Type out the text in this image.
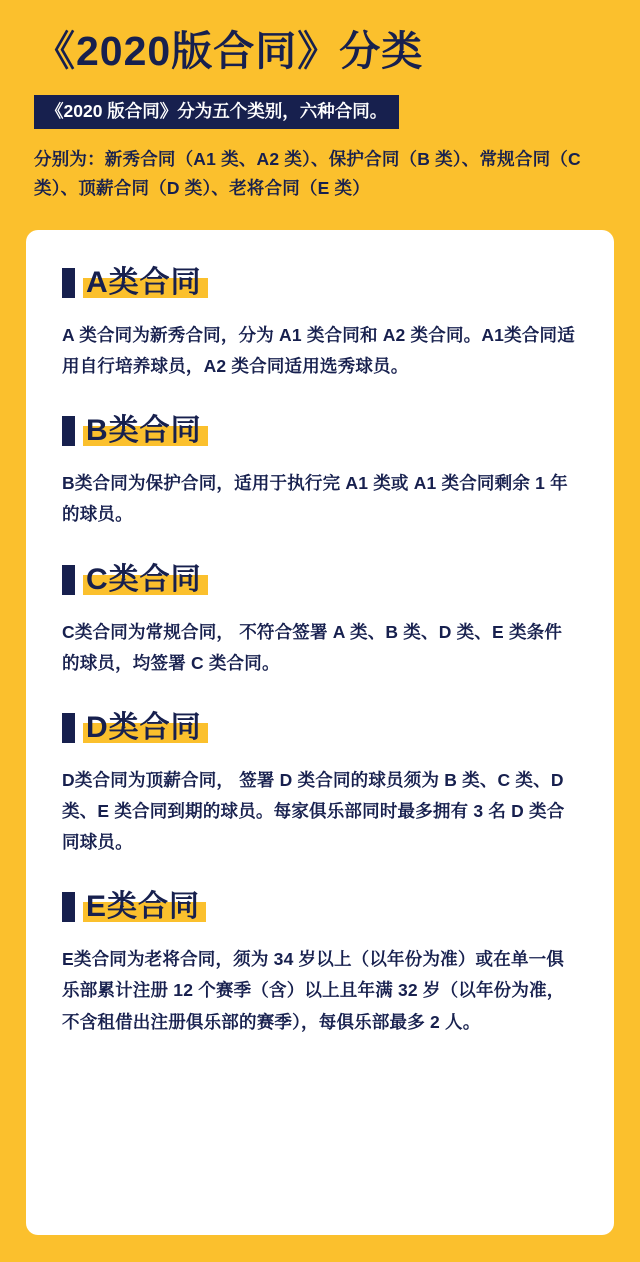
《2020版合同》分类
《2020 版合同》分为五个类别，六种合同。

分别为：新秀合同（A1 类、A2 类）、保护合同（B 类）、常规合同（C 类）、顶薪合同（D 类）、老将合同（E 类）

A类合同
A 类合同为新秀合同，分为 A1 类合同和 A2 类合同。A1类合同适用自行培养球员，A2 类合同适用选秀球员。
B类合同
B类合同为保护合同，适用于执行完 A1 类或 A1 类合同剩余 1 年的球员。
C类合同
C类合同为常规合同， 不符合签署 A 类、B 类、D 类、E 类条件的球员，均签署 C 类合同。
D类合同
D类合同为顶薪合同， 签署 D 类合同的球员须为 B 类、C 类、D 类、E 类合同到期的球员。每家俱乐部同时最多拥有 3 名 D 类合同球员。
E类合同
E类合同为老将合同，须为 34 岁以上（以年份为准）或在单一俱乐部累计注册 12 个赛季（含）以上且年满 32 岁（以年份为准，不含租借出注册俱乐部的赛季），每俱乐部最多 2 人。
